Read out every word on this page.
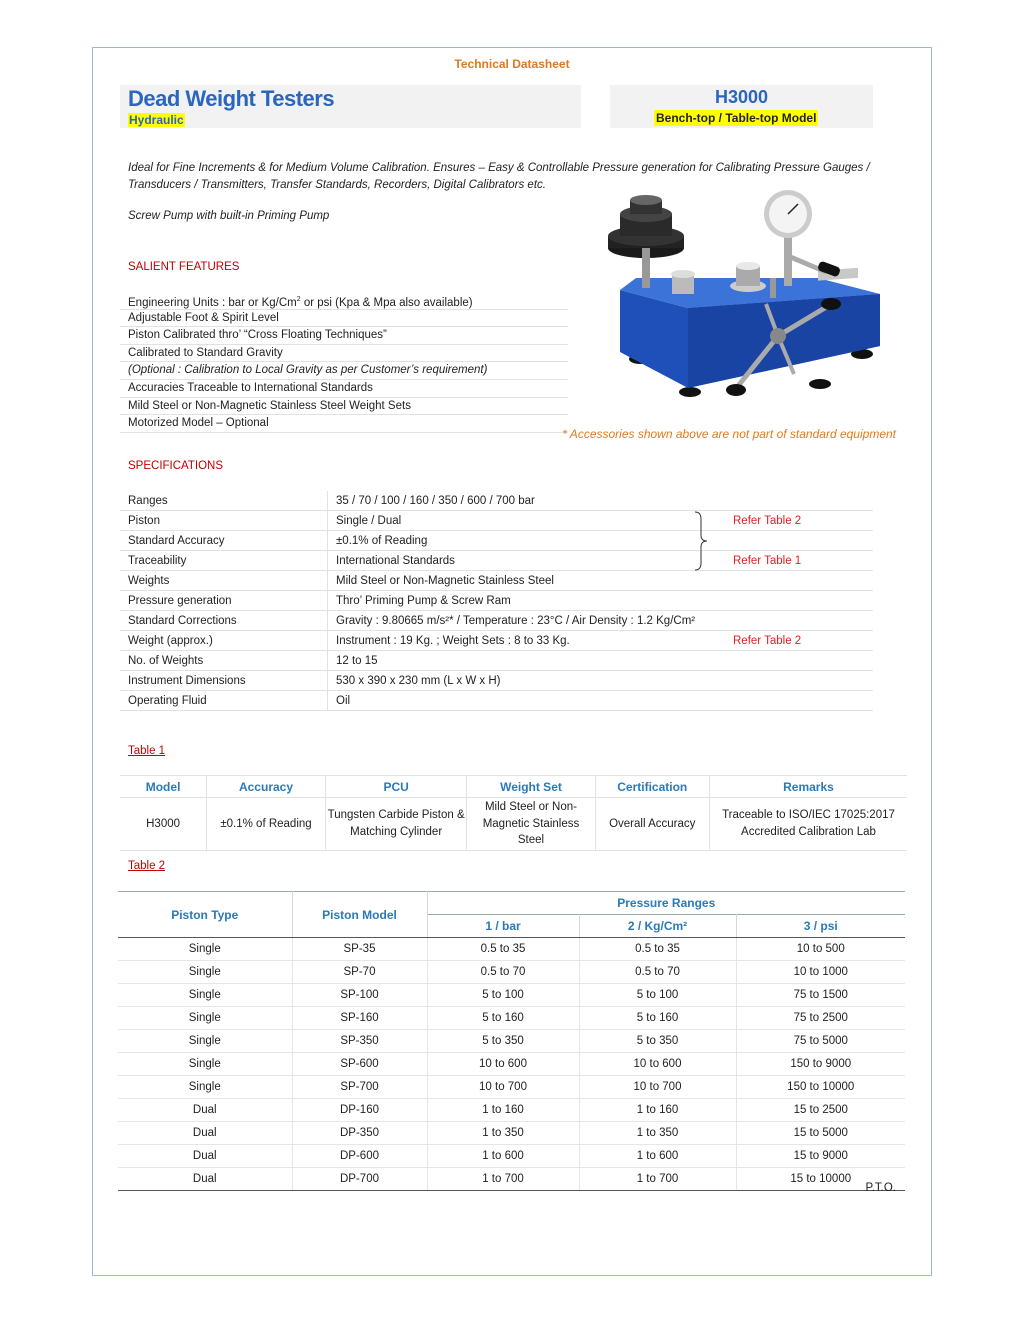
Technical Datasheet
Dead Weight Testers
Hydraulic
H3000
Bench-top / Table-top Model
Ideal for Fine Increments & for Medium Volume Calibration. Ensures – Easy & Controllable Pressure generation for Calibrating Pressure Gauges / Transducers / Transmitters, Transfer Standards, Recorders, Digital Calibrators etc.
Screw Pump with built-in Priming Pump
SALIENT FEATURES
Engineering Units : bar or Kg/Cm$^2$ or psi (Kpa & Mpa also available)
Adjustable Foot & Spirit Level
Piston Calibrated thro’ “Cross Floating Techniques”
Calibrated to Standard Gravity
(Optional : Calibration to Local Gravity as per Customer’s requirement)
Accuracies Traceable to International Standards
Mild Steel or Non-Magnetic Stainless Steel Weight Sets
Motorized Model – Optional
* Accessories shown above are not part of standard equipment
SPECIFICATIONS
Ranges	35 / 70 / 100 / 160 / 350 / 600 / 700 bar	
Piston	Single / Dual	Refer Table 2
Standard Accuracy	±0.1% of Reading	
Traceability	International Standards	Refer Table 1
Weights	Mild Steel or Non-Magnetic Stainless Steel	
Pressure generation	Thro’ Priming Pump & Screw Ram	
Standard Corrections	Gravity : 9.80665 m/s²* / Temperature : 23°C / Air Density : 1.2 Kg/Cm²	
Weight (approx.)	Instrument : 19 Kg. ; Weight Sets : 8 to 33 Kg.	Refer Table 2
No. of Weights	12 to 15	
Instrument Dimensions	530 x 390 x 230 mm (L x W x H)	
Operating Fluid	Oil	
Table 1
Model	Accuracy	PCU	Weight Set	Certification	Remarks
H3000	±0.1% of Reading	Tungsten Carbide Piston & Matching Cylinder	Mild Steel or Non-Magnetic Stainless Steel	Overall Accuracy	Traceable to ISO/IEC 17025:2017 Accredited Calibration Lab
Table 2
Piston Type	Piston Model	Pressure Ranges		
		1 / bar	2 / Kg/Cm²	3 / psi
Single	SP-35	0.5 to 35	0.5 to 35	10 to 500
Single	SP-70	0.5 to 70	0.5 to 70	10 to 1000
Single	SP-100	5 to 100	5 to 100	75 to 1500
Single	SP-160	5 to 160	5 to 160	75 to 2500
Single	SP-350	5 to 350	5 to 350	75 to 5000
Single	SP-600	10 to 600	10 to 600	150 to 9000
Single	SP-700	10 to 700	10 to 700	150 to 10000
Dual	DP-160	1 to 160	1 to 160	15 to 2500
Dual	DP-350	1 to 350	1 to 350	15 to 5000
Dual	DP-600	1 to 600	1 to 600	15 to 9000
Dual	DP-700	1 to 700	1 to 700	15 to 10000
P.T.O.
